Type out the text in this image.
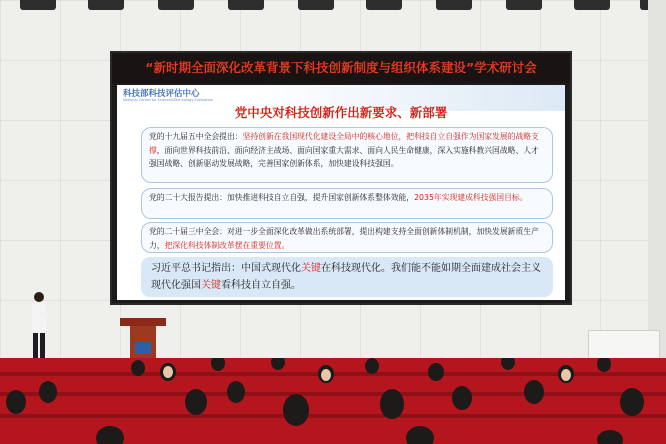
“新时期全面深化改革背景下科技创新制度与组织体系建设”学术研讨会
科技部科技评估中心
National Center for Science&Technology Evaluation
党中央对科技创新作出新要求、新部署
党的十九届五中全会提出：坚持创新在我国现代化建设全局中的核心地位，把科技自立自强作为国家发展的战略支撑，面向世界科技前沿、面向经济主战场、面向国家重大需求、面向人民生命健康，深入实施科教兴国战略、人才强国战略、创新驱动发展战略，完善国家创新体系，加快建设科技强国。
党的二十大报告提出：加快推进科技自立自强，提升国家创新体系整体效能，2035年实现建成科技强国目标。
党的二十届三中全会：对进一步全面深化改革做出系统部署，提出构建支持全面创新体制机制，加快发展新质生产力，把深化科技体制改革摆在重要位置。
习近平总书记指出：中国式现代化关键在科技现代化。我们能不能如期全面建成社会主义现代化强国关键看科技自立自强。
